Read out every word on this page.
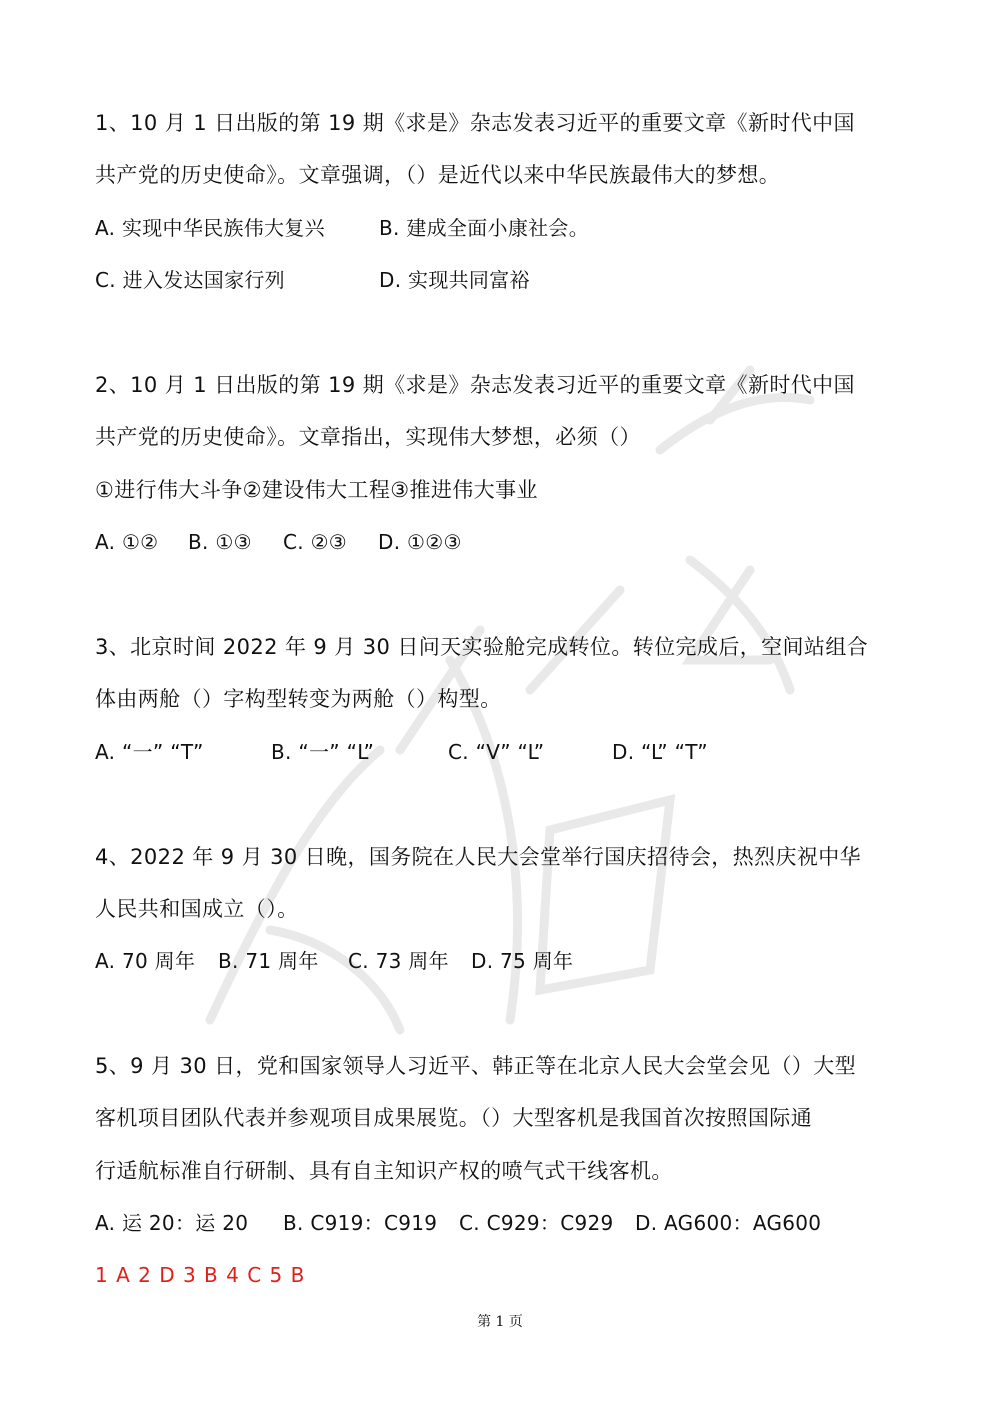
1、10 月 1 日出版的第 19 期《求是》杂志发表习近平的重要文章《新时代中国
共产党的历史使命》。文章强调，（）是近代以来中华民族最伟大的梦想。
A. 实现中华民族伟大复兴	B. 建成全面小康社会。
C. 进入发达国家行列	D. 实现共同富裕
2、10 月 1 日出版的第 19 期《求是》杂志发表习近平的重要文章《新时代中国
共产党的历史使命》。文章指出，实现伟大梦想，必须（）
①进行伟大斗争②建设伟大工程③推进伟大事业
A. ①② B. ①③ C. ②③ D. ①②③
3、北京时间 2022 年 9 月 30 日问天实验舱完成转位。转位完成后，空间站组合
体由两舱（）字构型转变为两舱（）构型。
A. “一” “T”	B. “一” “L”	C. “V” “L”	D. “L” “T”
4、2022 年 9 月 30 日晚，国务院在人民大会堂举行国庆招待会，热烈庆祝中华
人民共和国成立（）。
A. 70 周年 B. 71 周年 C. 73 周年 D. 75 周年
5、9 月 30 日，党和国家领导人习近平、韩正等在北京人民大会堂会见（）大型
客机项目团队代表并参观项目成果展览。（）大型客机是我国首次按照国际通
行适航标准自行研制、具有自主知识产权的喷气式干线客机。
A. 运 20：运 20 B. C919：C919 C. C929：C929 D. AG600：AG600
1 A 2 D 3 B 4 C 5 B
第 1 页
